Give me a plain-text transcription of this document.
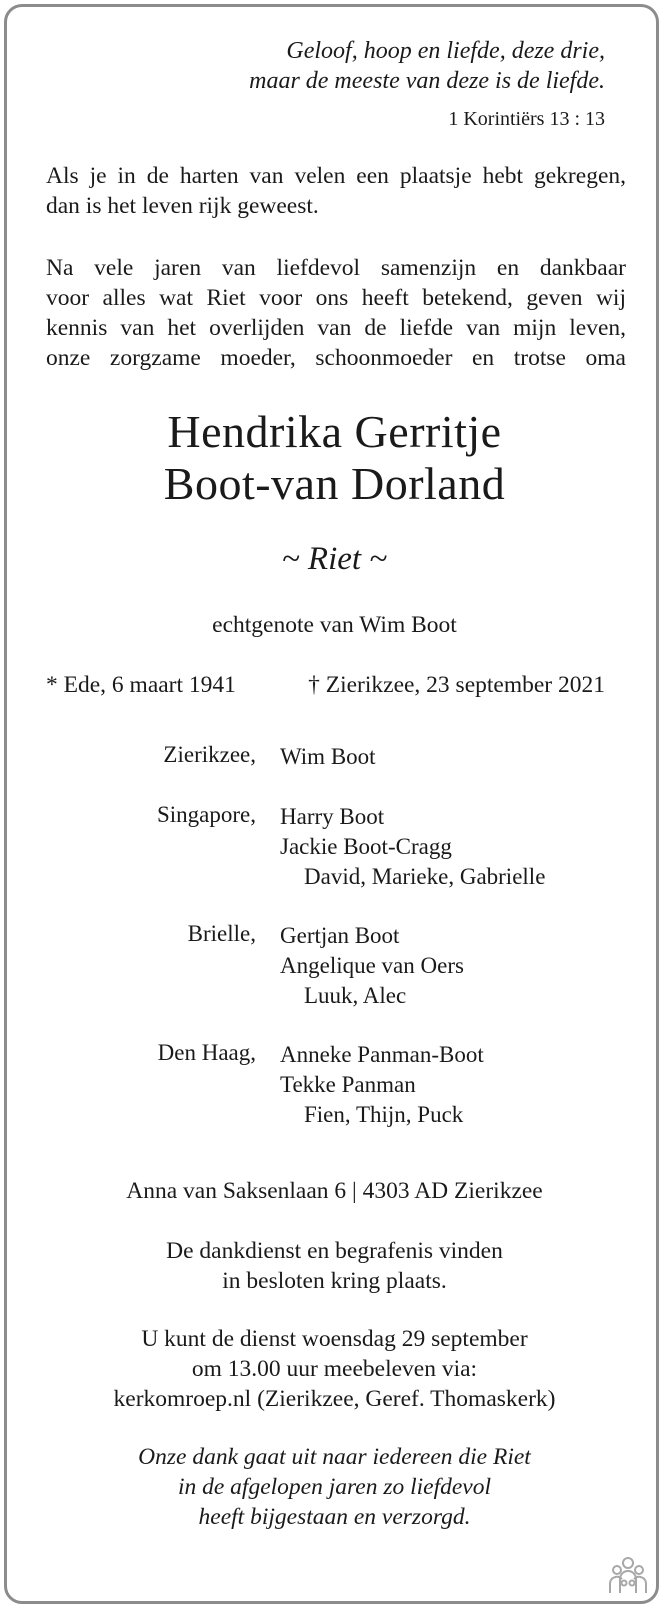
Geloof, hoop en liefde, deze drie,
maar de meeste van deze is de liefde.
1 Korintiërs 13 : 13
Als je in de harten van velen een plaatsje hebt gekregen,
dan is het leven rijk geweest.
Na vele jaren van liefdevol samenzijn en dankbaar
voor alles wat Riet voor ons heeft betekend, geven wij
kennis van het overlijden van de liefde van mijn leven,
onze zorgzame moeder, schoonmoeder en trotse oma
Hendrika Gerritje
Boot-van Dorland
~ Riet ~
echtgenote van Wim Boot
* Ede, 6 maart 1941	† Zierikzee, 23 september 2021
Zierikzee, Wim Boot
Singapore, Harry Boot
Jackie Boot-Cragg
David, Marieke, Gabrielle
Brielle, Gertjan Boot
Angelique van Oers
Luuk, Alec
Den Haag, Anneke Panman-Boot
Tekke Panman
Fien, Thijn, Puck
Anna van Saksenlaan 6 | 4303 AD Zierikzee
De dankdienst en begrafenis vinden
in besloten kring plaats.
U kunt de dienst woensdag 29 september
om 13.00 uur meebeleven via:
kerkomroep.nl (Zierikzee, Geref. Thomaskerk)
Onze dank gaat uit naar iedereen die Riet
in de afgelopen jaren zo liefdevol
heeft bijgestaan en verzorgd.
